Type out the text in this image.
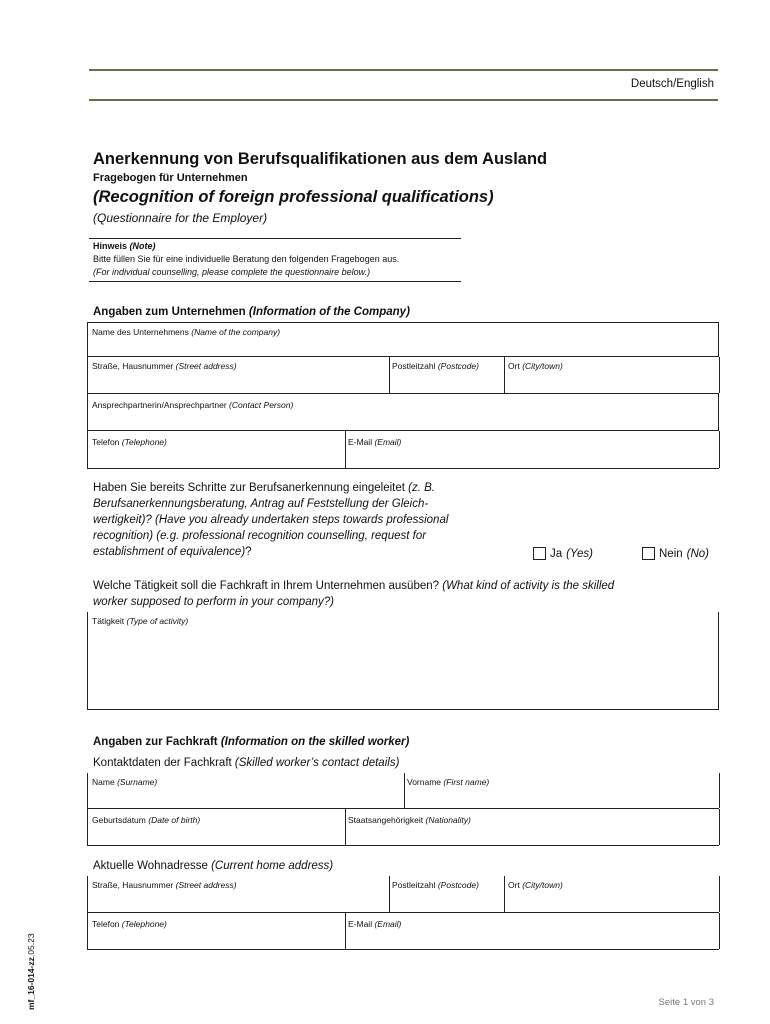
Deutsch/English
Anerkennung von Berufsqualifikationen aus dem Ausland
Fragebogen für Unternehmen
(Recognition of foreign professional qualifications)
(Questionnaire for the Employer)
Hinweis (Note)
Bitte füllen Sie für eine individuelle Beratung den folgenden Fragebogen aus.
(For individual counselling, please complete the questionnaire below.)
Angaben zum Unternehmen (Information of the Company)
Name des Unternehmens (Name of the company)
Straße, Hausnummer (Street address)	Postleitzahl (Postcode)	Ort (City/town)
Ansprechpartnerin/Ansprechpartner (Contact Person)
Telefon (Telephone)	E-Mail (Email)
Haben Sie bereits Schritte zur Berufsanerkennung eingeleitet (z. B.
Berufsanerkennungsberatung, Antrag auf Feststellung der Gleich-
wertigkeit)? (Have you already undertaken steps towards professional
recognition) (e.g. professional recognition counselling, request for
establishment of equivalence)?	Ja (Yes)	Nein (No)
Welche Tätigkeit soll die Fachkraft in Ihrem Unternehmen ausüben? (What kind of activity is the skilled
worker supposed to perform in your company?)
Tätigkeit (Type of activity)
Angaben zur Fachkraft (Information on the skilled worker)
Kontaktdaten der Fachkraft (Skilled worker’s contact details)
Name (Surname)	Vorname (First name)
Geburtsdatum (Date of birth)	Staatsangehörigkeit (Nationality)
Aktuelle Wohnadresse (Current home address)
Straße, Hausnummer (Street address)	Postleitzahl (Postcode)	Ort (City/town)
Telefon (Telephone)	E-Mail (Email)
Seite 1 von 3
mf_16-014-zz.05.23
